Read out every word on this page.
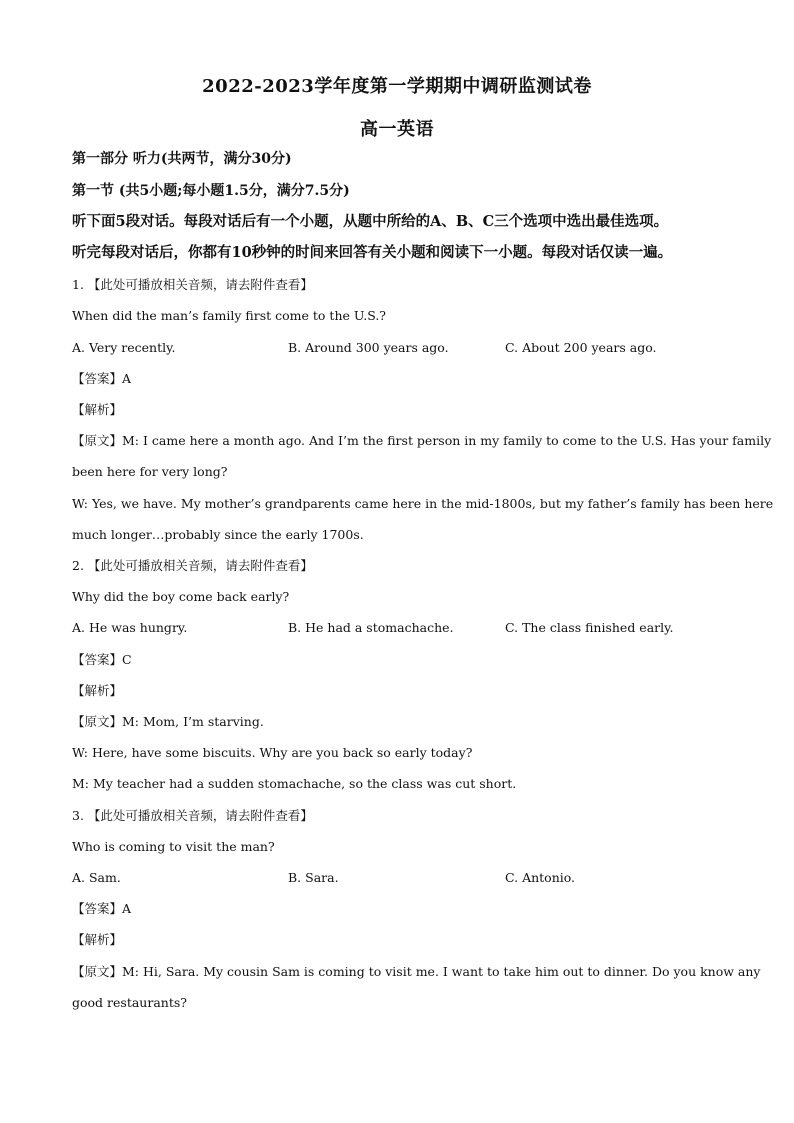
2022-2023学年度第一学期期中调研监测试卷
高一英语
第一部分 听力(共两节，满分30分)
第一节 (共5小题;每小题1.5分，满分7.5分)
听下面5段对话。每段对话后有一个小题，从题中所给的A、B、C三个选项中选出最佳选项。
听完每段对话后，你都有10秒钟的时间来回答有关小题和阅读下一小题。每段对话仅读一遍。
1. 【此处可播放相关音频，请去附件查看】
When did the man’s family first come to the U.S.?
A. Very recently.	B. Around 300 years ago.	C. About 200 years ago.
【答案】A
【解析】
【原文】M: I came here a month ago. And I’m the first person in my family to come to the U.S. Has your family
been here for very long?
W: Yes, we have. My mother’s grandparents came here in the mid-1800s, but my father’s family has been here
much longer…probably since the early 1700s.
2. 【此处可播放相关音频，请去附件查看】
Why did the boy come back early?
A. He was hungry.	B. He had a stomachache.	C. The class finished early.
【答案】C
【解析】
【原文】M: Mom, I’m starving.
W: Here, have some biscuits. Why are you back so early today?
M: My teacher had a sudden stomachache, so the class was cut short.
3. 【此处可播放相关音频，请去附件查看】
Who is coming to visit the man?
A. Sam.	B. Sara.	C. Antonio.
【答案】A
【解析】
【原文】M: Hi, Sara. My cousin Sam is coming to visit me. I want to take him out to dinner. Do you know any
good restaurants?
